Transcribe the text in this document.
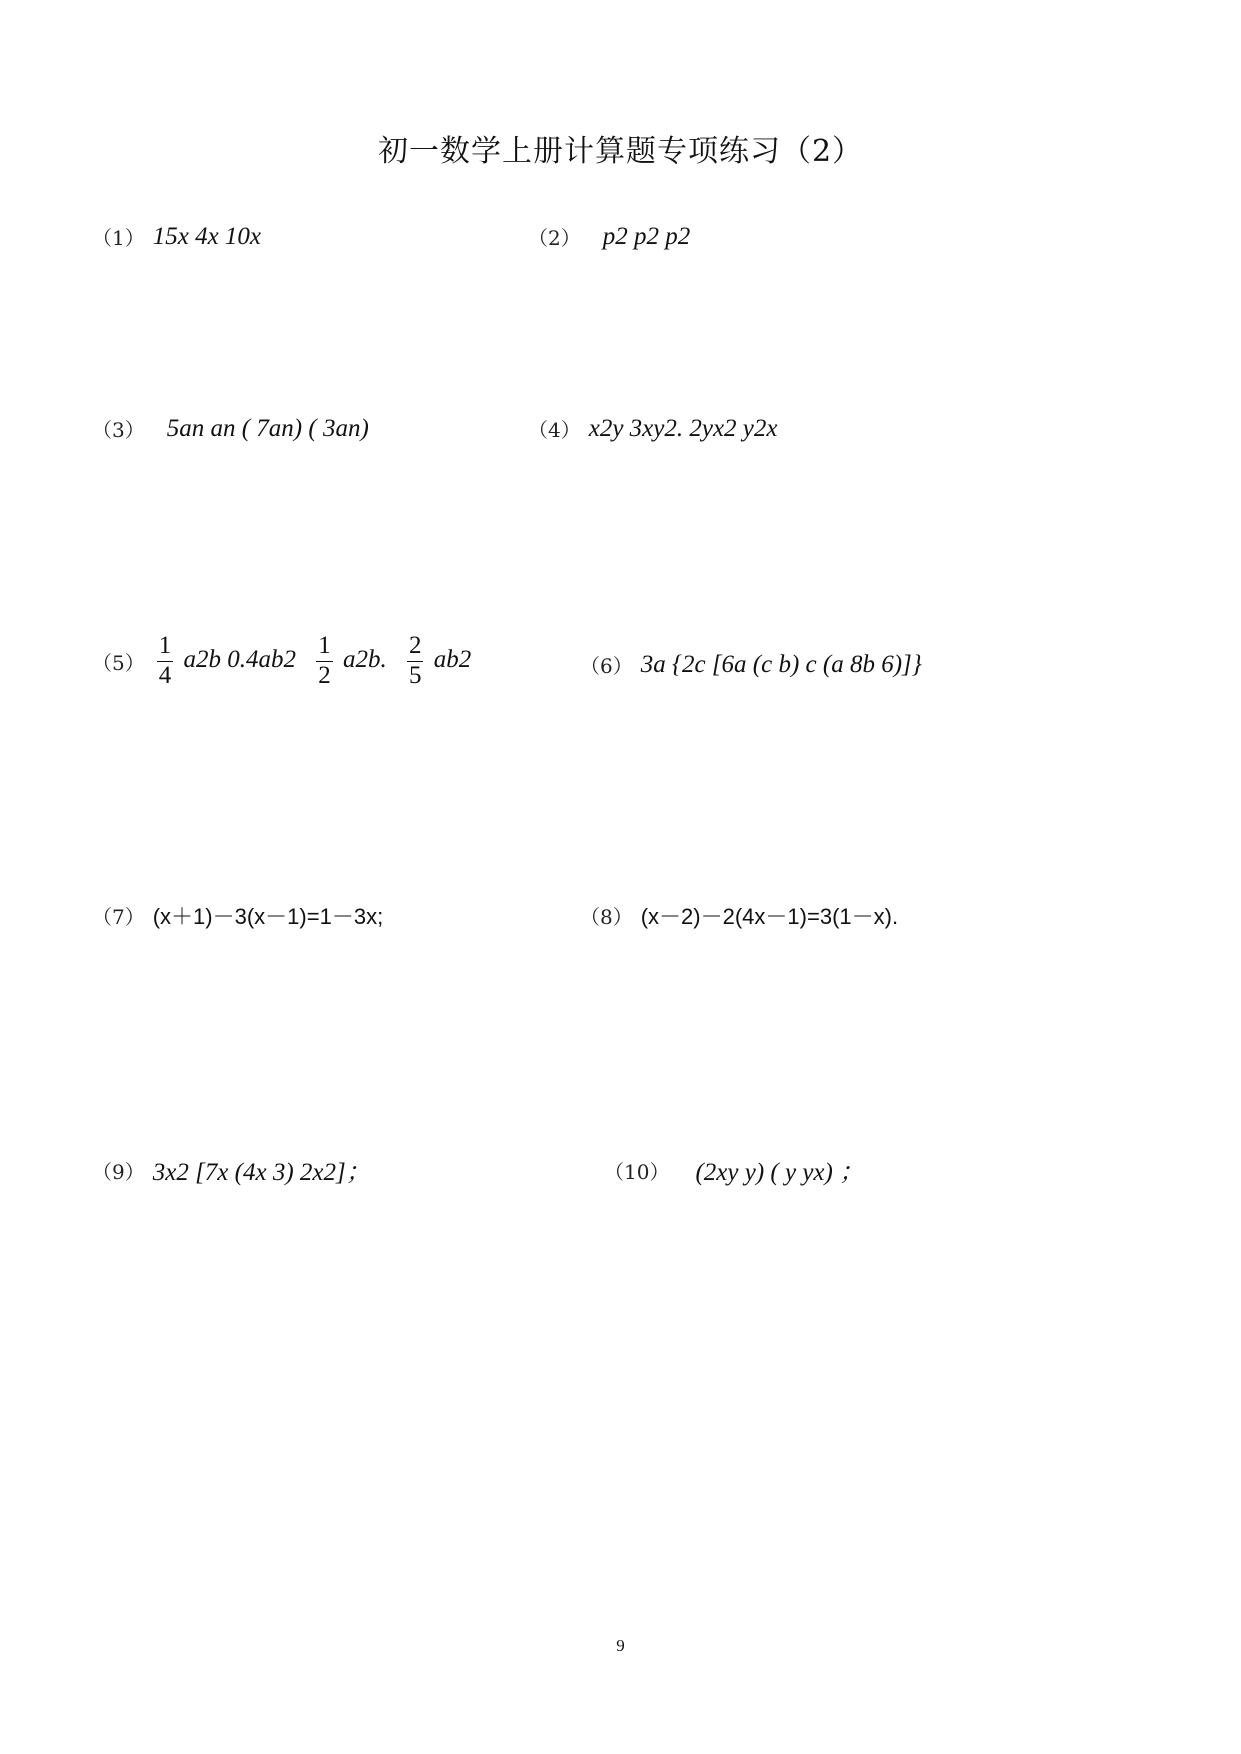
初一数学上册计算题专项练习（2）
（1） 15x 4x 10x	（2） p2 p2 p2
（3） 5an an ( 7an) ( 3an)	（4） x2y 3xy2. 2yx2 y2x
$(5) \frac{1}{4} a2b$ $0.4ab2 \frac{1}{2} a2b$. $\frac{2}{5} ab2$	（6） 3a {2c [6a (c b) c (a 8b 6)]}
（7） (x＋1)－3(x－1)=1－3x;	（8） (x－2)－2(4x－1)=3(1－x).
（9） 3x2 [7x (4x 3) 2x2]；	（10） (2xy y) ( y yx) ；
9
